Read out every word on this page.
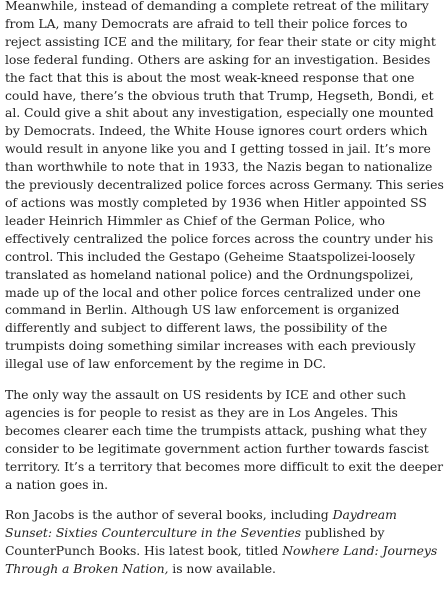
Meanwhile, instead of demanding a complete retreat of the military from LA, many Democrats are afraid to tell their police forces to reject assisting ICE and the military, for fear their state or city might lose federal funding. Others are asking for an investigation. Besides the fact that this is about the most weak-kneed response that one could have, there’s the obvious truth that Trump, Hegseth, Bondi, et al. Could give a shit about any investigation, especially one mounted by Democrats. Indeed, the White House ignores court orders which would result in anyone like you and I getting tossed in jail. It’s more than worthwhile to note that in 1933, the Nazis began to nationalize the previously decentralized police forces across Germany. This series of actions was mostly completed by 1936 when Hitler appointed SS leader Heinrich Himmler as Chief of the German Police, who effectively centralized the police forces across the country under his control. This included the Gestapo (Geheime Staatspolizei-loosely translated as homeland national police) and the Ordnungspolizei, made up of the local and other police forces centralized under one command in Berlin. Although US law enforcement is organized differently and subject to different laws, the possibility of the trumpists doing something similar increases with each previously illegal use of law enforcement by the regime in DC.

The only way the assault on US residents by ICE and other such agencies is for people to resist as they are in Los Angeles. This becomes clearer each time the trumpists attack, pushing what they consider to be legitimate government action further towards fascist territory. It’s a territory that becomes more difficult to exit the deeper a nation goes in.

Ron Jacobs is the author of several books, including Daydream Sunset: Sixties Counterculture in the Seventies published by CounterPunch Books. His latest book, titled Nowhere Land: Journeys Through a Broken Nation, is now available.
